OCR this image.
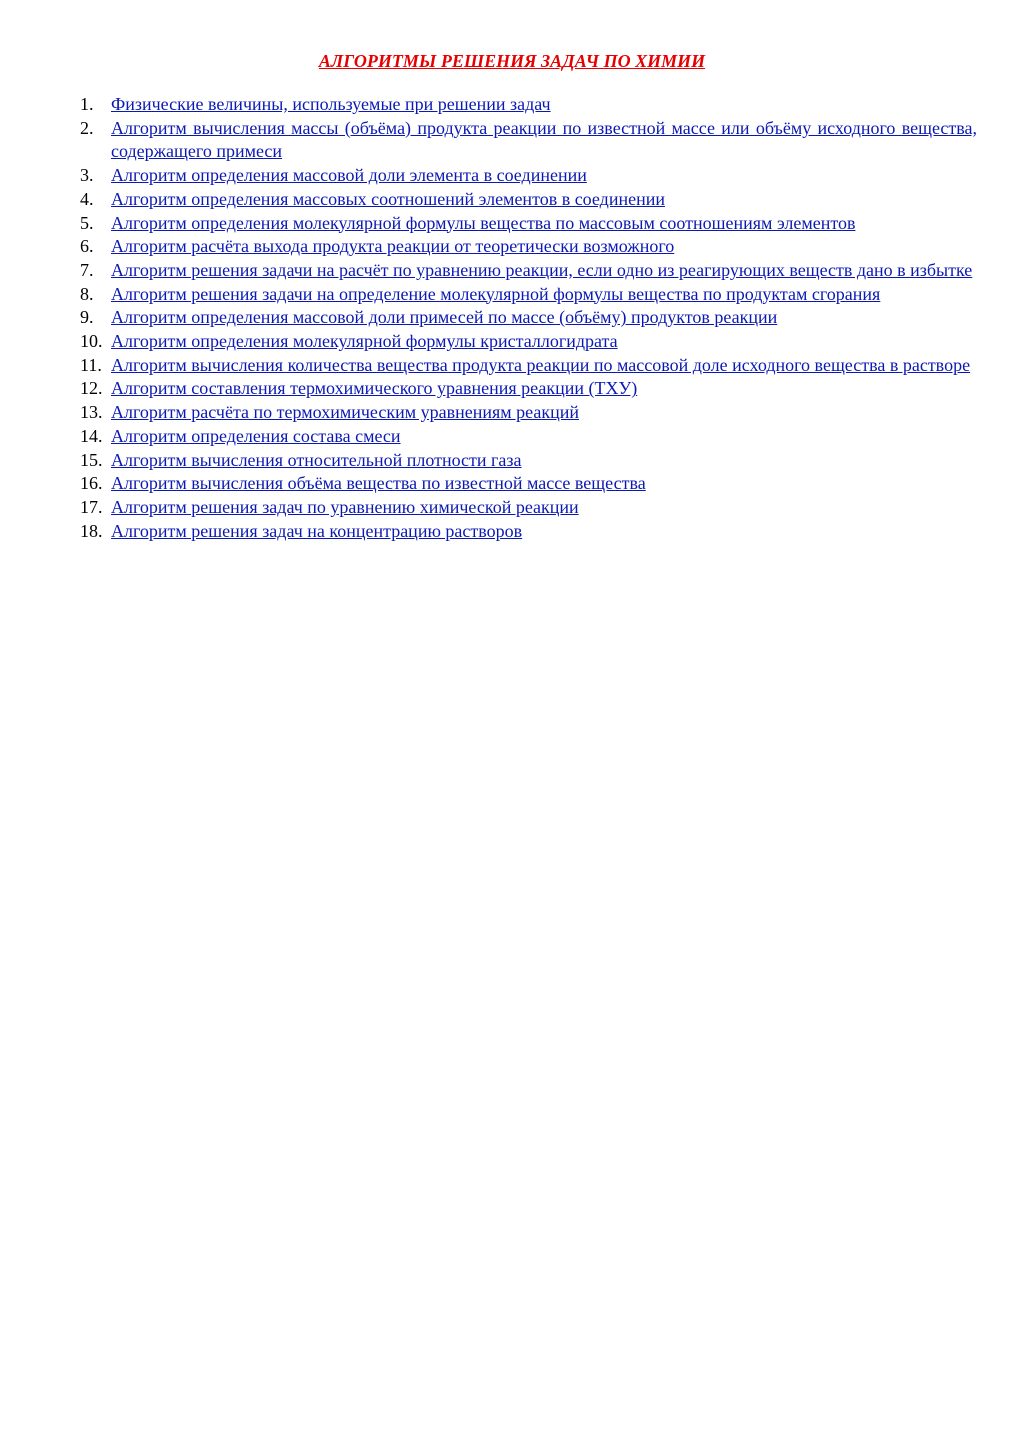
АЛГОРИТМЫ РЕШЕНИЯ ЗАДАЧ ПО ХИМИИ
1. Физические величины, используемые при решении задач
2. Алгоритм вычисления массы (объёма) продукта реакции по известной массе или объёму исходного вещества, содержащего примеси
3. Алгоритм определения массовой доли элемента в соединении
4. Алгоритм определения массовых соотношений элементов в соединении
5. Алгоритм определения молекулярной формулы вещества по массовым соотношениям элементов
6. Алгоритм расчёта выхода продукта реакции от теоретически возможного
7. Алгоритм решения задачи на расчёт по уравнению реакции, если одно из реагирующих веществ дано в избытке
8. Алгоритм решения задачи на определение молекулярной формулы вещества по продуктам сгорания
9. Алгоритм определения массовой доли примесей по массе (объёму) продуктов реакции
10. Алгоритм определения молекулярной формулы кристаллогидрата
11. Алгоритм вычисления количества вещества продукта реакции по массовой доле исходного вещества в растворе
12. Алгоритм составления термохимического уравнения реакции (ТХУ)
13. Алгоритм расчёта по термохимическим уравнениям реакций
14. Алгоритм определения состава смеси
15. Алгоритм вычисления относительной плотности газа
16. Алгоритм вычисления объёма вещества по известной массе вещества
17. Алгоритм решения задач по уравнению химической реакции
18. Алгоритм решения задач на концентрацию растворов
